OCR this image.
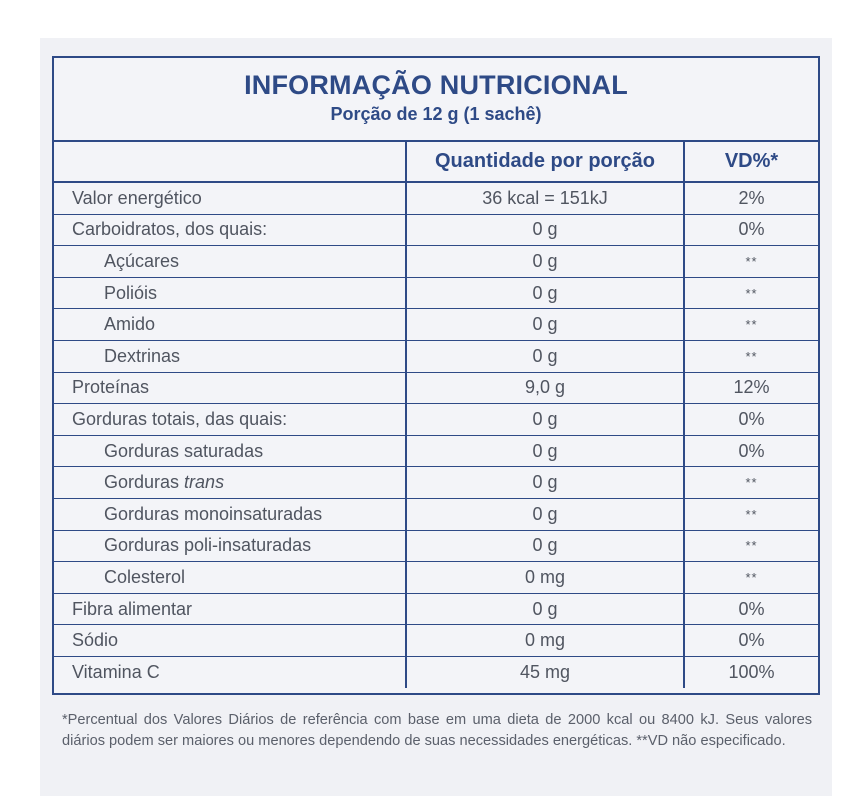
INFORMAÇÃO NUTRICIONAL
Porção de 12 g (1 sachê)
	Quantidade por porção	VD%*
Valor energético	36 kcal = 151kJ	2%
Carboidratos, dos quais:	0 g	0%
Açúcares	0 g	**
Polióis	0 g	**
Amido	0 g	**
Dextrinas	0 g	**
Proteínas	9,0 g	12%
Gorduras totais, das quais:	0 g	0%
Gorduras saturadas	0 g	0%
Gorduras trans	0 g	**
Gorduras monoinsaturadas	0 g	**
Gorduras poli-insaturadas	0 g	**
Colesterol	0 mg	**
Fibra alimentar	0 g	0%
Sódio	0 mg	0%
Vitamina C	45 mg	100%
*Percentual dos Valores Diários de referência com base em uma dieta de 2000 kcal ou 8400 kJ. Seus valores diários podem ser maiores ou menores dependendo de suas necessidades energéticas. **VD não especificado.
